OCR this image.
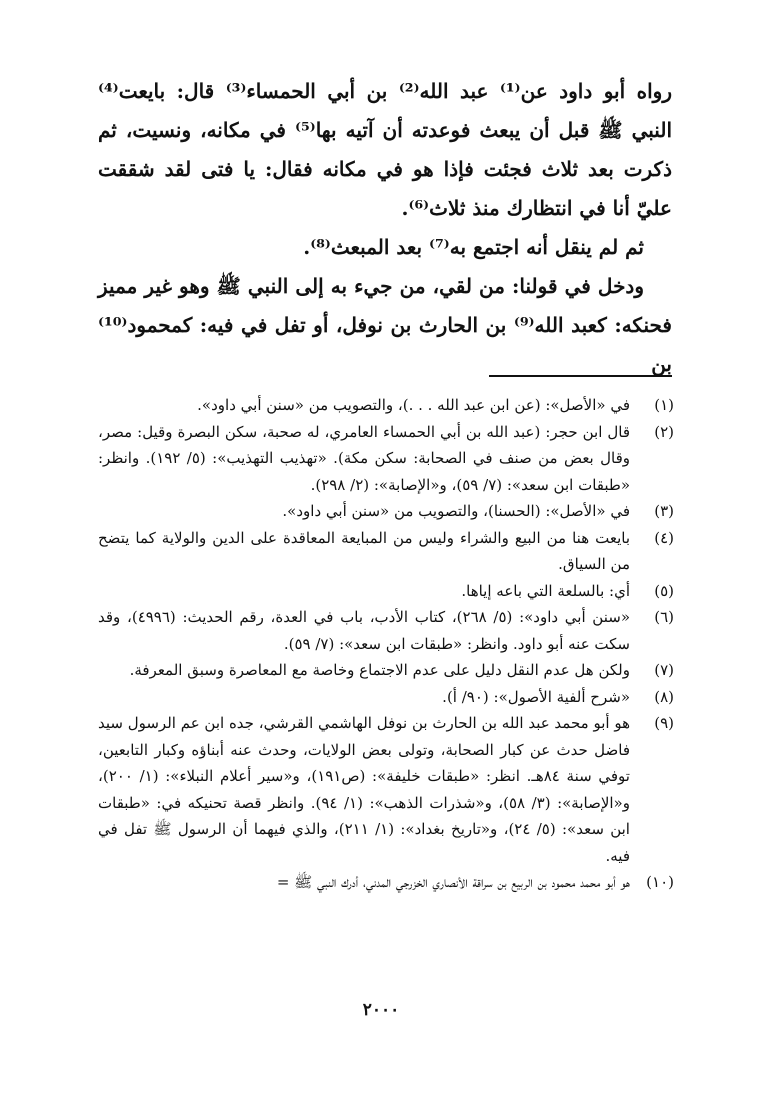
رواه أبو داود عن⁽¹⁾ عبد الله⁽²⁾ بن أبي الحمساء⁽³⁾ قال: بايعت⁽⁴⁾ النبي ﷺ قبل أن يبعث فوعدته أن آتيه بها⁽⁵⁾ في مكانه، ونسيت، ثم ذكرت بعد ثلاث فجئت فإذا هو في مكانه فقال: يا فتى لقد شققت عليّ أنا في انتظارك منذ ثلاث⁽⁶⁾.

ثم لم ينقل أنه اجتمع به⁽⁷⁾ بعد المبعث⁽⁸⁾.

ودخل في قولنا: من لقي، من جيء به إلى النبي ﷺ وهو غير مميز فحنكه: كعبد الله⁽⁹⁾ بن الحارث بن نوفل، أو تفل في فيه: كمحمود⁽¹⁰⁾ بن

(١)
في «الأصل»: (عن ابن عبد الله . . .)، والتصويب من «سنن أبي داود».
(٢)
قال ابن حجر: (عبد الله بن أبي الحمساء العامري، له صحبة، سكن البصرة وقيل: مصر، وقال بعض من صنف في الصحابة: سكن مكة). «تهذيب التهذيب»: (٥/ ١٩٢). وانظر: «طبقات ابن سعد»: (٧/ ٥٩)، و«الإصابة»: (٢/ ٢٩٨).
(٣)
في «الأصل»: (الحسنا)، والتصويب من «سنن أبي داود».
(٤)
بايعت هنا من البيع والشراء وليس من المبايعة المعاقدة على الدين والولاية كما يتضح من السياق.
(٥)
أي: بالسلعة التي باعه إياها.
(٦)
«سنن أبي داود»: (٥/ ٢٦٨)، كتاب الأدب، باب في العدة، رقم الحديث: (٤٩٩٦)، وقد سكت عنه أبو داود. وانظر: «طبقات ابن سعد»: (٧/ ٥٩).
(٧)
ولكن هل عدم النقل دليل على عدم الاجتماع وخاصة مع المعاصرة وسبق المعرفة.
(٨)
«شرح ألفية الأصول»: (٩٠/ أ).
(٩)
هو أبو محمد عبد الله بن الحارث بن نوفل الهاشمي القرشي، جده ابن عم الرسول سيد فاضل حدث عن كبار الصحابة، وتولى بعض الولايات، وحدث عنه أبناؤه وكبار التابعين، توفي سنة ٨٤هـ. انظر: «طبقات خليفة»: (ص١٩١)، و«سير أعلام النبلاء»: (١/ ٢٠٠)، و«الإصابة»: (٣/ ٥٨)، و«شذرات الذهب»: (١/ ٩٤). وانظر قصة تحنيكه في: «طبقات ابن سعد»: (٥/ ٢٤)، و«تاريخ بغداد»: (١/ ٢١١)، والذي فيهما أن الرسول ﷺ تفل في فيه.
(١٠)
هو أبو محمد محمود بن الربيع بن سراقة الأنصاري الخزرجي المدني، أدرك النبي ﷺ =
٢٠٠٠
